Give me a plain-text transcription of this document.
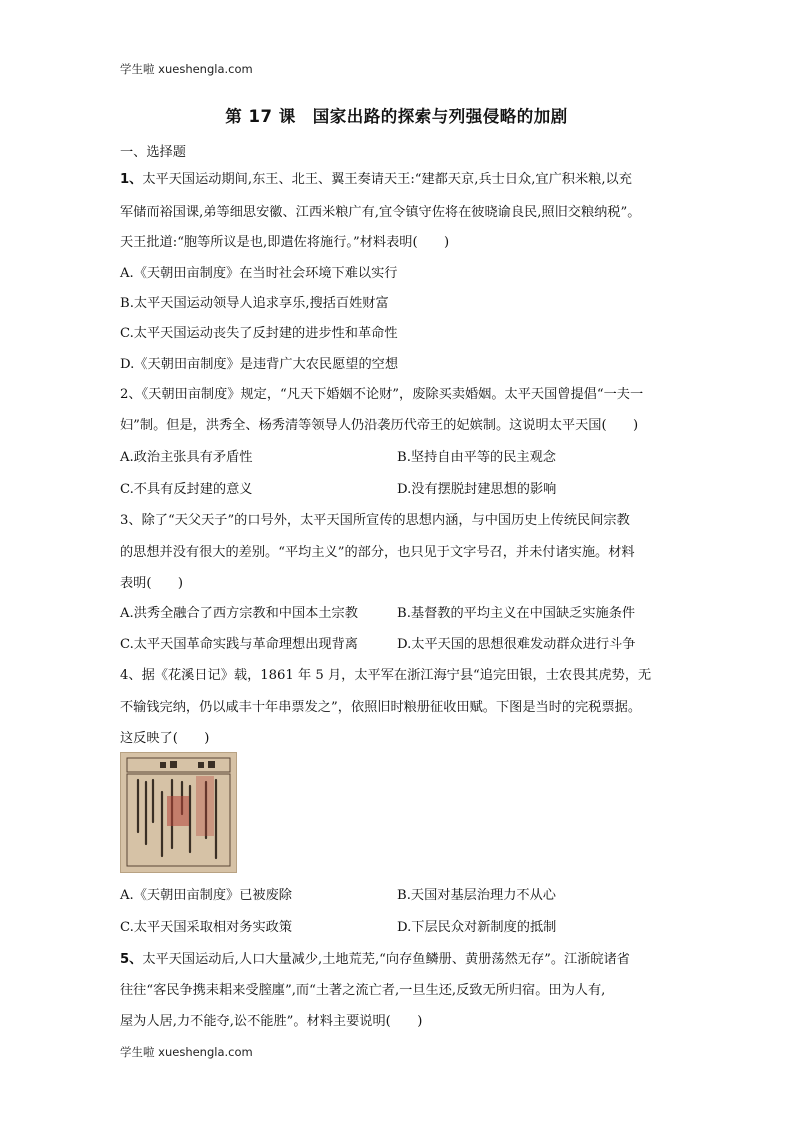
学生啦 xueshengla.com
第 17 课　国家出路的探索与列强侵略的加剧
一、选择题
1、太平天国运动期间,东王、北王、翼王奏请天王:“建都天京,兵士日众,宜广积米粮,以充
军储而裕国课,弟等细思安徽、江西米粮广有,宜令镇守佐将在彼晓谕良民,照旧交粮纳税”。
天王批道:“胞等所议是也,即遣佐将施行。”材料表明(　　)
A.《天朝田亩制度》在当时社会环境下难以实行
B.太平天国运动领导人追求享乐,搜括百姓财富
C.太平天国运动丧失了反封建的进步性和革命性
D.《天朝田亩制度》是违背广大农民愿望的空想
2、《天朝田亩制度》规定，“凡天下婚姻不论财”，废除买卖婚姻。太平天国曾提倡“一夫一
妇”制。但是，洪秀全、杨秀清等领导人仍沿袭历代帝王的妃嫔制。这说明太平天国(　　)
A.政治主张具有矛盾性	B.坚持自由平等的民主观念
C.不具有反封建的意义	D.没有摆脱封建思想的影响
3、除了“天父天子”的口号外，太平天国所宣传的思想内涵，与中国历史上传统民间宗教
的思想并没有很大的差别。“平均主义”的部分，也只见于文字号召，并未付诸实施。材料
表明(　　)
A.洪秀全融合了西方宗教和中国本土宗教	B.基督教的平均主义在中国缺乏实施条件
C.太平天国革命实践与革命理想出现背离	D.太平天国的思想很难发动群众进行斗争
4、据《花溪日记》载，1861 年 5 月，太平军在浙江海宁县“追完田银，士农畏其虎势，无
不输钱完纳，仍以咸丰十年串票发之”，依照旧时粮册征收田赋。下图是当时的完税票据。
这反映了(　　)
A.《天朝田亩制度》已被废除	B.天国对基层治理力不从心
C.太平天国采取相对务实政策	D.下层民众对新制度的抵制
5、太平天国运动后,人口大量减少,土地荒芜,“向存鱼鳞册、黄册荡然无存”。江浙皖诸省
往往“客民争携耒耜来受膣廛”,而“土著之流亡者,一旦生还,反致无所归宿。田为人有,
屋为人居,力不能夺,讼不能胜”。材料主要说明(　　)
学生啦 xueshengla.com
